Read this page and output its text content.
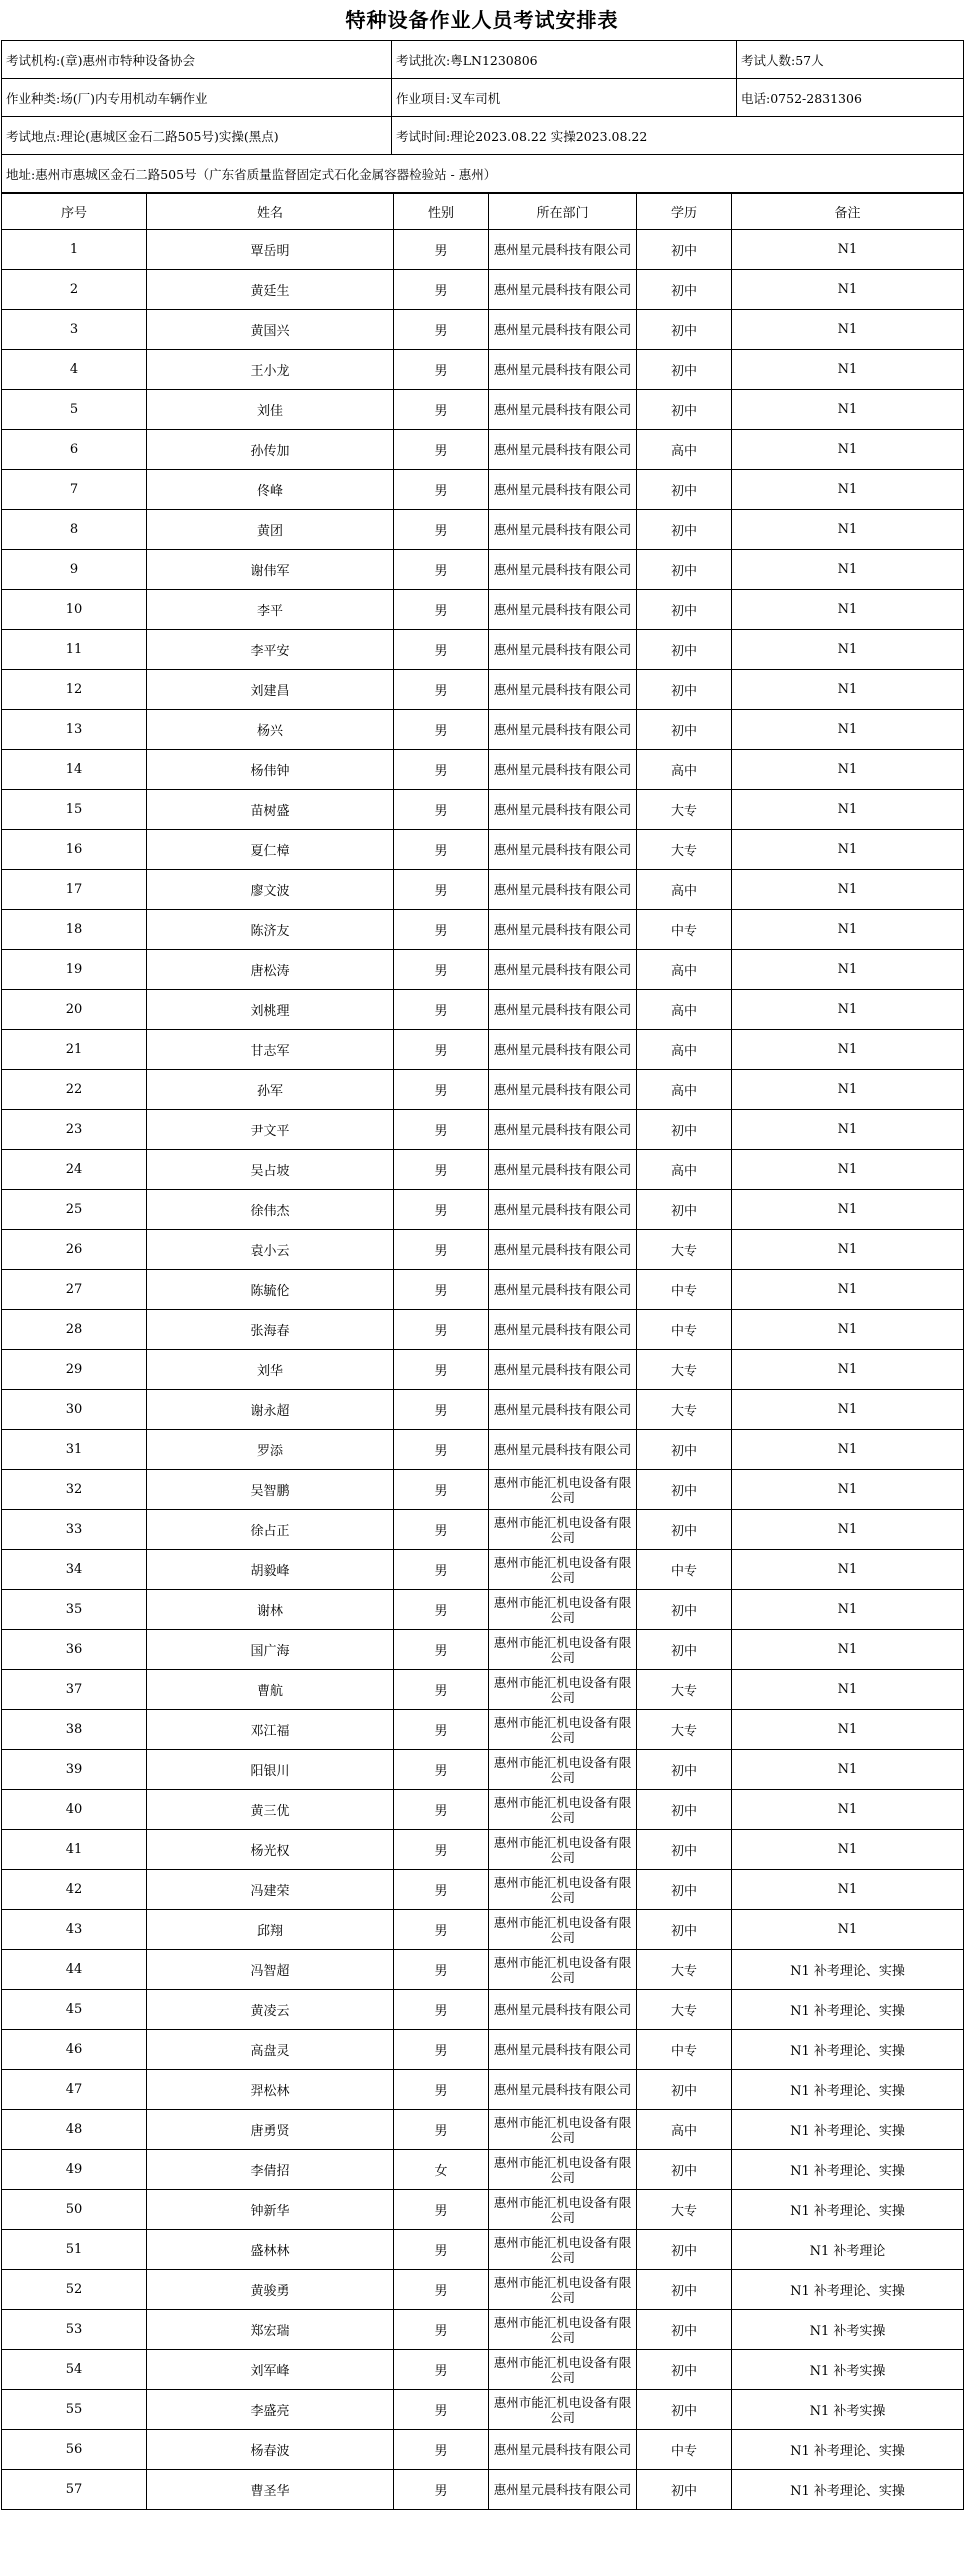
特种设备作业人员考试安排表
考试机构:(章)惠州市特种设备协会	考试批次:粤LN1230806	考试人数:57人
作业种类:场(厂)内专用机动车辆作业	作业项目:叉车司机	电话:0752-2831306
考试地点:理论(惠城区金石二路505号)实操(黑点)	考试时间:理论2023.08.22 实操2023.08.22	
地址:惠州市惠城区金石二路505号（广东省质量监督固定式石化金属容器检验站 - 惠州）		
序号	姓名	性别	所在部门	学历	备注
1	覃岳明	男	惠州星元晨科技有限公司	初中	N1
2	黄廷生	男	惠州星元晨科技有限公司	初中	N1
3	黄国兴	男	惠州星元晨科技有限公司	初中	N1
4	王小龙	男	惠州星元晨科技有限公司	初中	N1
5	刘佳	男	惠州星元晨科技有限公司	初中	N1
6	孙传加	男	惠州星元晨科技有限公司	高中	N1
7	佟峰	男	惠州星元晨科技有限公司	初中	N1
8	黄团	男	惠州星元晨科技有限公司	初中	N1
9	谢伟军	男	惠州星元晨科技有限公司	初中	N1
10	李平	男	惠州星元晨科技有限公司	初中	N1
11	李平安	男	惠州星元晨科技有限公司	初中	N1
12	刘建昌	男	惠州星元晨科技有限公司	初中	N1
13	杨兴	男	惠州星元晨科技有限公司	初中	N1
14	杨伟钟	男	惠州星元晨科技有限公司	高中	N1
15	苗树盛	男	惠州星元晨科技有限公司	大专	N1
16	夏仁樟	男	惠州星元晨科技有限公司	大专	N1
17	廖文波	男	惠州星元晨科技有限公司	高中	N1
18	陈济友	男	惠州星元晨科技有限公司	中专	N1
19	唐松涛	男	惠州星元晨科技有限公司	高中	N1
20	刘桃理	男	惠州星元晨科技有限公司	高中	N1
21	甘志军	男	惠州星元晨科技有限公司	高中	N1
22	孙军	男	惠州星元晨科技有限公司	高中	N1
23	尹文平	男	惠州星元晨科技有限公司	初中	N1
24	吴占坡	男	惠州星元晨科技有限公司	高中	N1
25	徐伟杰	男	惠州星元晨科技有限公司	初中	N1
26	袁小云	男	惠州星元晨科技有限公司	大专	N1
27	陈毓伦	男	惠州星元晨科技有限公司	中专	N1
28	张海春	男	惠州星元晨科技有限公司	中专	N1
29	刘华	男	惠州星元晨科技有限公司	大专	N1
30	谢永超	男	惠州星元晨科技有限公司	大专	N1
31	罗添	男	惠州星元晨科技有限公司	初中	N1
32	吴智鹏	男	惠州市能汇机电设备有限公司	初中	N1
33	徐占正	男	惠州市能汇机电设备有限公司	初中	N1
34	胡毅峰	男	惠州市能汇机电设备有限公司	中专	N1
35	谢林	男	惠州市能汇机电设备有限公司	初中	N1
36	国广海	男	惠州市能汇机电设备有限公司	初中	N1
37	曹航	男	惠州市能汇机电设备有限公司	大专	N1
38	邓江福	男	惠州市能汇机电设备有限公司	大专	N1
39	阳银川	男	惠州市能汇机电设备有限公司	初中	N1
40	黄三优	男	惠州市能汇机电设备有限公司	初中	N1
41	杨光权	男	惠州市能汇机电设备有限公司	初中	N1
42	冯建荣	男	惠州市能汇机电设备有限公司	初中	N1
43	邱翔	男	惠州市能汇机电设备有限公司	初中	N1
44	冯智超	男	惠州市能汇机电设备有限公司	大专	N1 补考理论、实操
45	黄凌云	男	惠州星元晨科技有限公司	大专	N1 补考理论、实操
46	高盘灵	男	惠州星元晨科技有限公司	中专	N1 补考理论、实操
47	羿松林	男	惠州星元晨科技有限公司	初中	N1 补考理论、实操
48	唐勇贤	男	惠州市能汇机电设备有限公司	高中	N1 补考理论、实操
49	李倩招	女	惠州市能汇机电设备有限公司	初中	N1 补考理论、实操
50	钟新华	男	惠州市能汇机电设备有限公司	大专	N1 补考理论、实操
51	盛林林	男	惠州市能汇机电设备有限公司	初中	N1 补考理论
52	黄骏勇	男	惠州市能汇机电设备有限公司	初中	N1 补考理论、实操
53	郑宏瑞	男	惠州市能汇机电设备有限公司	初中	N1 补考实操
54	刘军峰	男	惠州市能汇机电设备有限公司	初中	N1 补考实操
55	李盛亮	男	惠州市能汇机电设备有限公司	初中	N1 补考实操
56	杨春波	男	惠州星元晨科技有限公司	中专	N1 补考理论、实操
57	曹圣华	男	惠州星元晨科技有限公司	初中	N1 补考理论、实操
